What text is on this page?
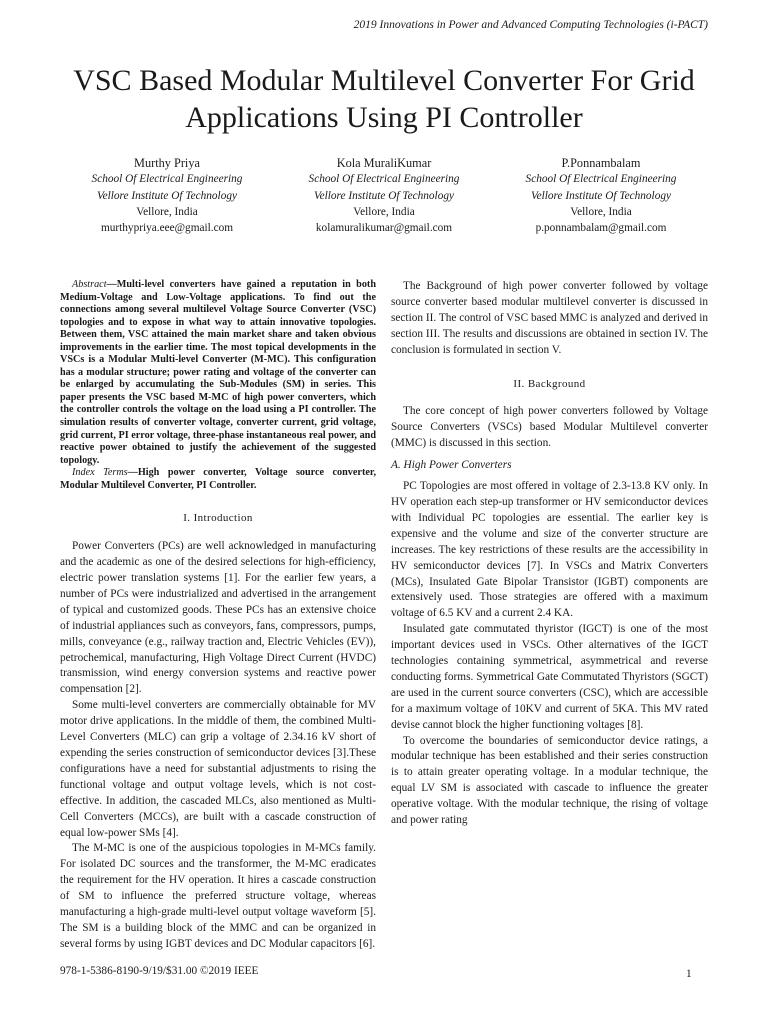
2019 Innovations in Power and Advanced Computing Technologies (i-PACT)
VSC Based Modular Multilevel Converter For Grid
Applications Using PI Controller
Murthy Priya
School Of Electrical Engineering
Vellore Institute Of Technology
Vellore, India
murthypriya.eee@gmail.com
Kola MuraliKumar
School Of Electrical Engineering
Vellore Institute Of Technology
Vellore, India
kolamuralikumar@gmail.com
P.Ponnambalam
School Of Electrical Engineering
Vellore Institute Of Technology
Vellore, India
p.ponnambalam@gmail.com

Abstract—Multi-level converters have gained a reputation in both Medium-Voltage and Low-Voltage applications. To find out the connections among several multilevel Voltage Source Converter (VSC) topologies and to expose in what way to attain innovative topologies. Between them, VSC attained the main market share and taken obvious improvements in the earlier time. The most topical developments in the VSCs is a Modular Multi-level Converter (M-MC). This configuration has a modular structure; power rating and voltage of the converter can be enlarged by accumulating the Sub-Modules (SM) in series. This paper presents the VSC based M-MC of high power converters, which the controller controls the voltage on the load using a PI controller. The simulation results of converter voltage, converter current, grid voltage, grid current, PI error voltage, three-phase instantaneous real power, and reactive power obtained to justify the achievement of the suggested topology.

Index Terms—High power converter, Voltage source converter, Modular Multilevel Converter, PI Controller.

I. Introduction

Power Converters (PCs) are well acknowledged in manufacturing and the academic as one of the desired selections for high-efficiency, electric power translation systems [1]. For the earlier few years, a number of PCs were industrialized and advertised in the arrangement of typical and customized goods. These PCs has an extensive choice of industrial appliances such as conveyors, fans, compressors, pumps, mills, conveyance (e.g., railway traction and, Electric Vehicles (EV)), petrochemical, manufacturing, High Voltage Direct Current (HVDC) transmission, wind energy conversion systems and reactive power compensation [2].

Some multi-level converters are commercially obtainable for MV motor drive applications. In the middle of them, the combined Multi-Level Converters (MLC) can grip a voltage of 2.34.16 kV short of expending the series construction of semiconductor devices [3].These configurations have a need for substantial adjustments to rising the functional voltage and output voltage levels, which is not cost-effective. In addition, the cascaded MLCs, also mentioned as Multi-Cell Converters (MCCs), are built with a cascade construction of equal low-power SMs [4].

The M-MC is one of the auspicious topologies in M-MCs family. For isolated DC sources and the transformer, the M-MC eradicates the requirement for the HV operation. It hires a cascade construction of SM to influence the preferred structure voltage, whereas manufacturing a high-grade multi-level output voltage waveform [5]. The SM is a building block of the MMC and can be organized in several forms by using IGBT devices and DC Modular capacitors [6].

The Background of high power converter followed by voltage source converter based modular multilevel converter is discussed in section II. The control of VSC based MMC is analyzed and derived in section III. The results and discussions are obtained in section IV. The conclusion is formulated in section V.

II. Background

The core concept of high power converters followed by Voltage Source Converters (VSCs) based Modular Multilevel converter (MMC) is discussed in this section.

A. High Power Converters

PC Topologies are most offered in voltage of 2.3-13.8 KV only. In HV operation each step-up transformer or HV semiconductor devices with Individual PC topologies are essential. The earlier key is expensive and the volume and size of the converter structure are increases. The key restrictions of these results are the accessibility in HV semiconductor devices [7]. In VSCs and Matrix Converters (MCs), Insulated Gate Bipolar Transistor (IGBT) components are extensively used. Those strategies are offered with a maximum voltage of 6.5 KV and a current 2.4 KA.

Insulated gate commutated thyristor (IGCT) is one of the most important devices used in VSCs. Other alternatives of the IGCT technologies containing symmetrical, asymmetrical and reverse conducting forms. Symmetrical Gate Commutated Thyristors (SGCT) are used in the current source converters (CSC), which are accessible for a maximum voltage of 10KV and current of 5KA. This MV rated devise cannot block the higher functioning voltages [8].

To overcome the boundaries of semiconductor device ratings, a modular technique has been established and their series construction is to attain greater operating voltage. In a modular technique, the equal LV SM is associated with cascade to influence the greater operative voltage. With the modular technique, the rising of voltage and power rating

978-1-5386-8190-9/19/$31.00 ©2019 IEEE	1
